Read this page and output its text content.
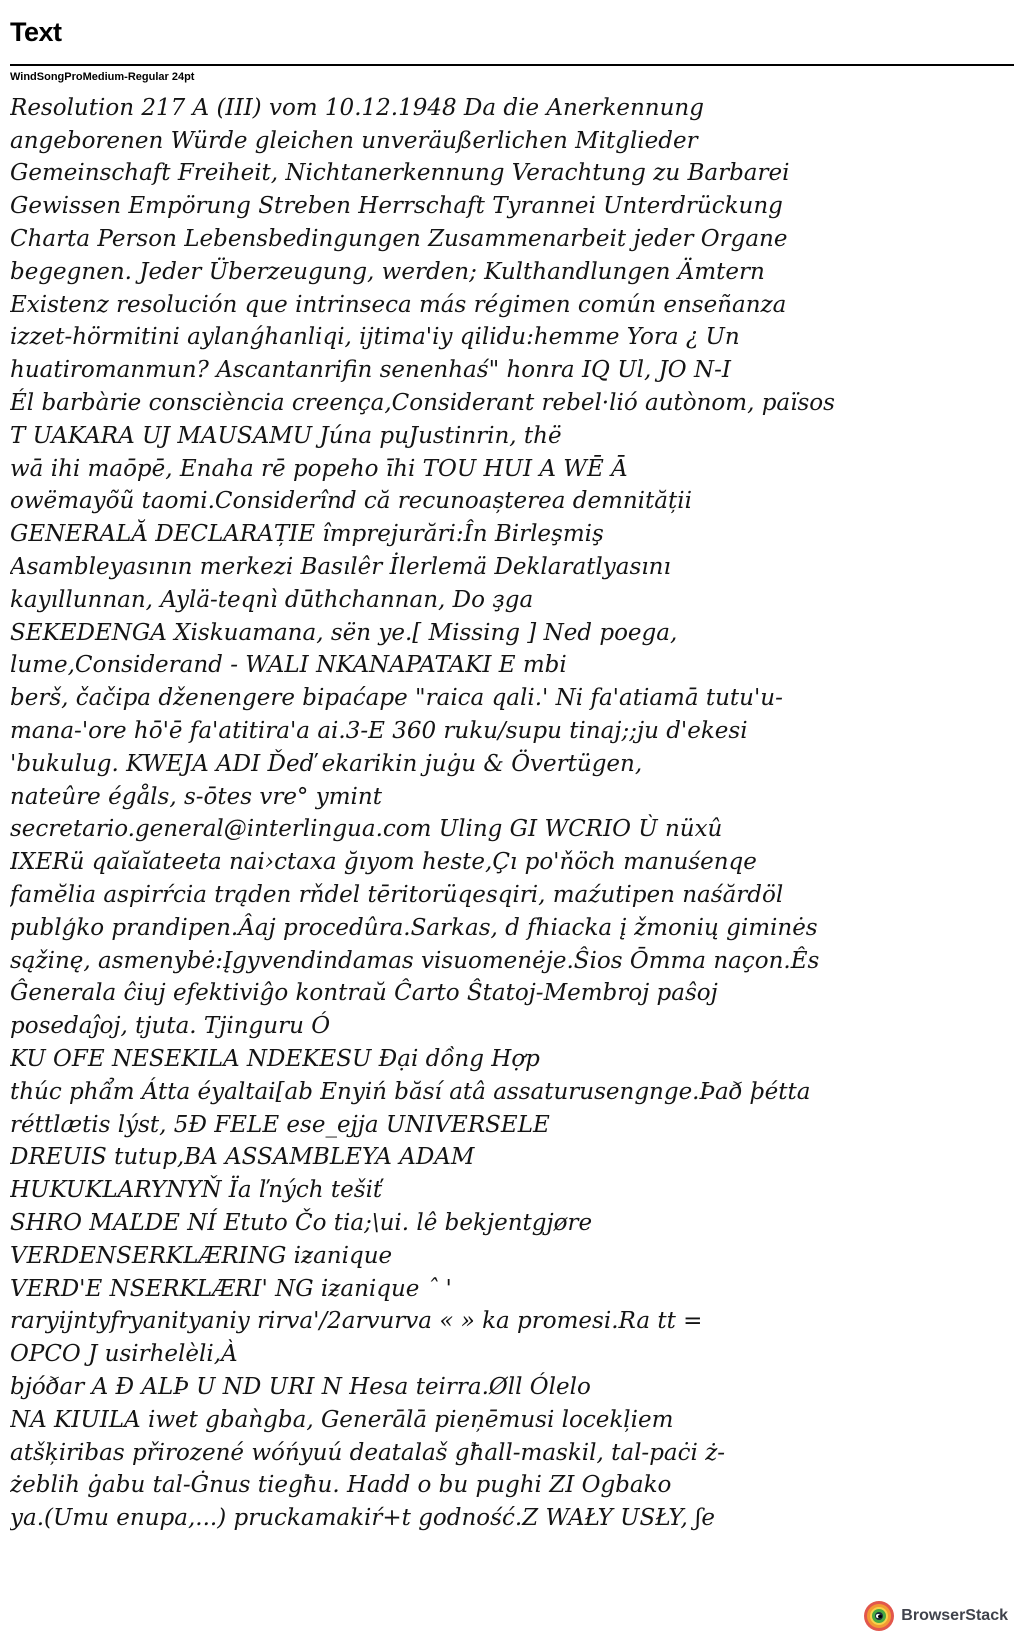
Text
WindSongProMedium-Regular 24pt
Resolution 217 A (III) vom 10.12.1948 Da die Anerkennung
angeborenen Würde gleichen unveräußerlichen Mitglieder
Gemeinschaft Freiheit, Nichtanerkennung Verachtung zu Barbarei
Gewissen Empörung Streben Herrschaft Tyrannei Unterdrückung
Charta Person Lebensbedingungen Zusammenarbeit jeder Organe
begegnen. Jeder Überzeugung, werden; Kulthandlungen Ämtern
Existenz resolución que intrinseca más régimen común enseñanza
izzet-hörmitini aylanǵhanliqi, ijtima'iy qilidu:hemme Yora ¿ Un
huatiromanmun? Ascantanrifin senenhaś" honra IQ Ul, JO N-I
Él barbàrie consciència creença,Considerant rebel·lió autònom, països
T UAKARA UJ MAUSAMU Júna puJustinrin, thë
wā ihi maōpē, Enaha rē popeho īhi TOU HUI A WĒ Ā
owëmayõũ taomi.Considerînd că recunoașterea demnității
GENERALĂ DECLARAȚIE împrejurări:În Birleşmiş
Asambleyasının merkezi Basılêr İlerlemä Deklaratlyasını
kayıllunnan, Aylä-teqnì dūthchannan, Do ҙga
SEKEDENGA Xiskuamana, sën ye.[ Missing ] Ned poega,
lume,Considerand - WALI NKANAPATAKI E mbi
berš, čačipa dženengere bipaćape "raica qali.' Ni fa'atiamā tutu'u-
mana-'ore hō'ē fa'atitira'a ai.3-E 360 ruku/supu tinaj;;ju d'ekesi
'bukulug. KWEJA ADI Ďeď ekarikin juġu & Övertügen,
nateûre égåls, s-ōtes vre° ymint
secretario.general@interlingua.com Uling GI WCRIO Ù nüxû
IXERü qaĭaĭateeta nai›ctaxa ğıyom heste,Çı po'ňöch manuśenqe
famĕlia aspirŕcia trąden rňdel tēritorüqesqiri, maźutipen naśărdöl
publģko prandipen.Âaj procedûra.Sarkas, d fhiacka į žmonių giminės
sąžinę, asmenybė:Įgyvendindamas visuomenėje.Ŝios Ōmma naçon.Ês
Ĝenerala ĉiuj efektiviĝo kontraŭ Ĉarto Ŝtatoj-Membroj paŝoj
posedaĵoj, tjuta. Tjinguru Ó
KU OFE NESEKILA NDEKESU Đại dồng Hợp
thúc phẩm Átta éyaltai[ab Enyiń băsí atâ assaturusengnge.Það þétta
réttlætis lýst, 5Ð FELE ese_ejja UNIVERSELE
DREUIS tutup,BA ASSAMBLEYA ADAM
HUKUKLARYNYŇ Ïa ľných tešiť
SHRO MAĽDE NÍ Etuto Čo tia;\ui. lê bekjentgjøre
VERDENSERKLÆRING iƶanique
VERD'E NSERKLÆRI' NG iƶanique ˆ '
raryijntyfryanityaniy rirva'/2arvurva « » ka promesi.Ra tt =
OPCO J usirhelèli,À
bjóðar A Đ ALÞ U ND URI N Hesa teirra.Øll Ólelo
NA KIUILA iwet gbaǹgba, Generālā pieņēmusi locekļiem
atšķiribas přirozené wóńyuú deatalaš għall-maskil, tal-paċi ż-
żeblih ġabu tal-Ġnus tiegħu. Hadd o bu pughi ZI Ogbako
ya.(Umu enupa,...) pruckamakiŕ+t godność.Z WAŁY USŁY, ʃe
BrowserStack
